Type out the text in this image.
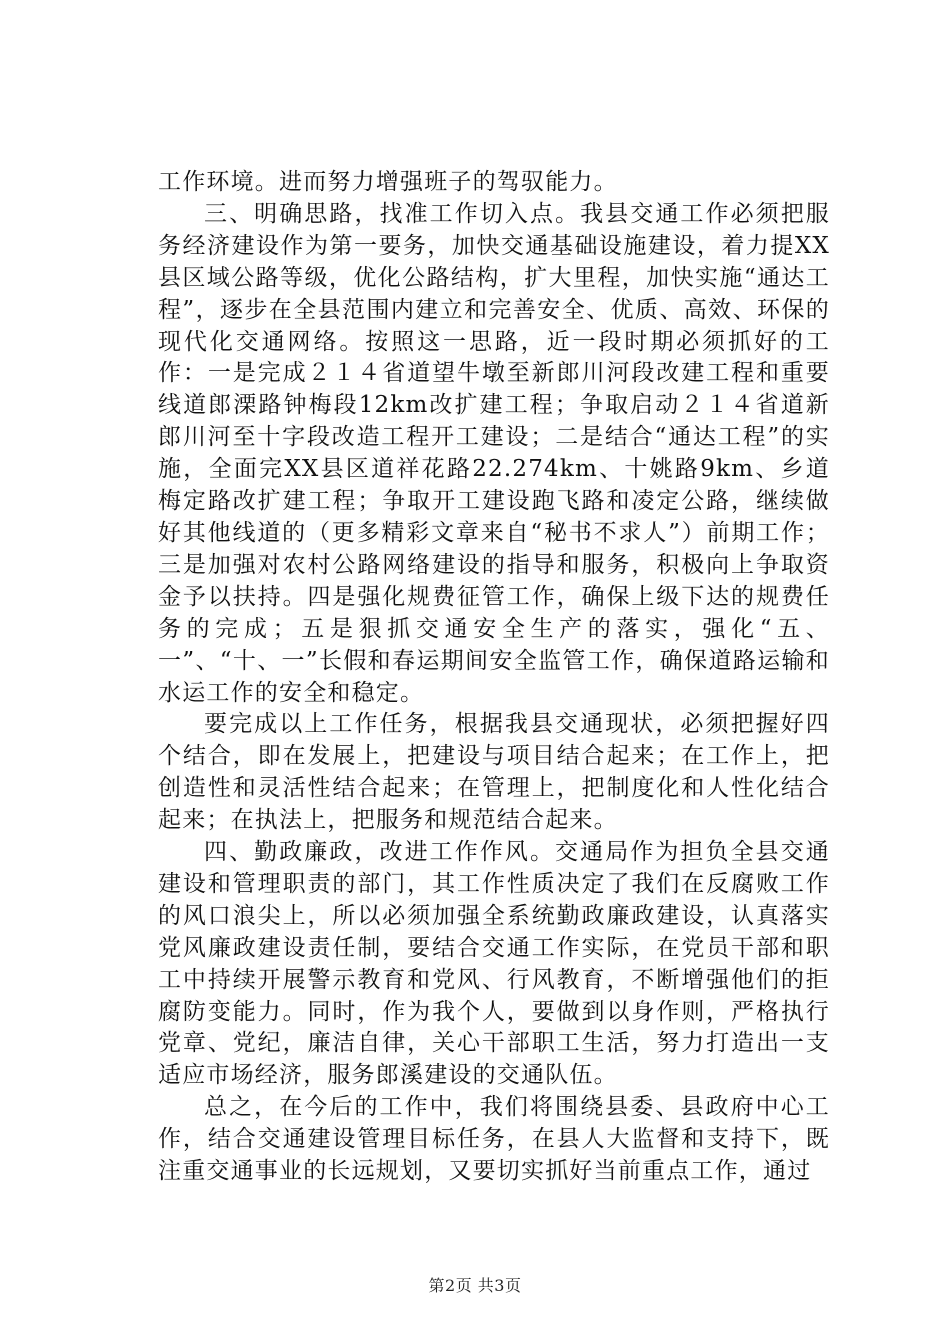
工作环境。进而努力增强班子的驾驭能力。

三、明确思路，找准工作切入点。我县交通工作必须把服务经济建设作为第一要务，加快交通基础设施建设，着力提XX县区域公路等级，优化公路结构，扩大里程，加快实施“通达工程”，逐步在全县范围内建立和完善安全、优质、高效、环保的现代化交通网络。按照这一思路，近一段时期必须抓好的工作：一是完成２１４省道望牛墩至新郎川河段改建工程和重要线道郎溧路钟梅段12km改扩建工程；争取启动２１４省道新郎川河至十字段改造工程开工建设；二是结合“通达工程”的实施，全面完XX县区道祥花路22.274km、十姚路9km、乡道梅定路改扩建工程；争取开工建设跑飞路和凌定公路，继续做好其他线道的（更多精彩文章来自“秘书不求人”）前期工作；三是加强对农村公路网络建设的指导和服务，积极向上争取资金予以扶持。四是强化规费征管工作，确保上级下达的规费任务的完成；五是狠抓交通安全生产的落实，强化“五、一”、“十、一”长假和春运期间安全监管工作，确保道路运输和水运工作的安全和稳定。

要完成以上工作任务，根据我县交通现状，必须把握好四个结合，即在发展上，把建设与项目结合起来；在工作上，把创造性和灵活性结合起来；在管理上，把制度化和人性化结合起来；在执法上，把服务和规范结合起来。

四、勤政廉政，改进工作作风。交通局作为担负全县交通建设和管理职责的部门，其工作性质决定了我们在反腐败工作的风口浪尖上，所以必须加强全系统勤政廉政建设，认真落实党风廉政建设责任制，要结合交通工作实际，在党员干部和职工中持续开展警示教育和党风、行风教育，不断增强他们的拒腐防变能力。同时，作为我个人，要做到以身作则，严格执行党章、党纪，廉洁自律，关心干部职工生活，努力打造出一支适应市场经济，服务郎溪建设的交通队伍。

总之，在今后的工作中，我们将围绕县委、县政府中心工作，结合交通建设管理目标任务，在县人大监督和支持下，既注重交通事业的长远规划，又要切实抓好当前重点工作，通过

第2页 共3页
